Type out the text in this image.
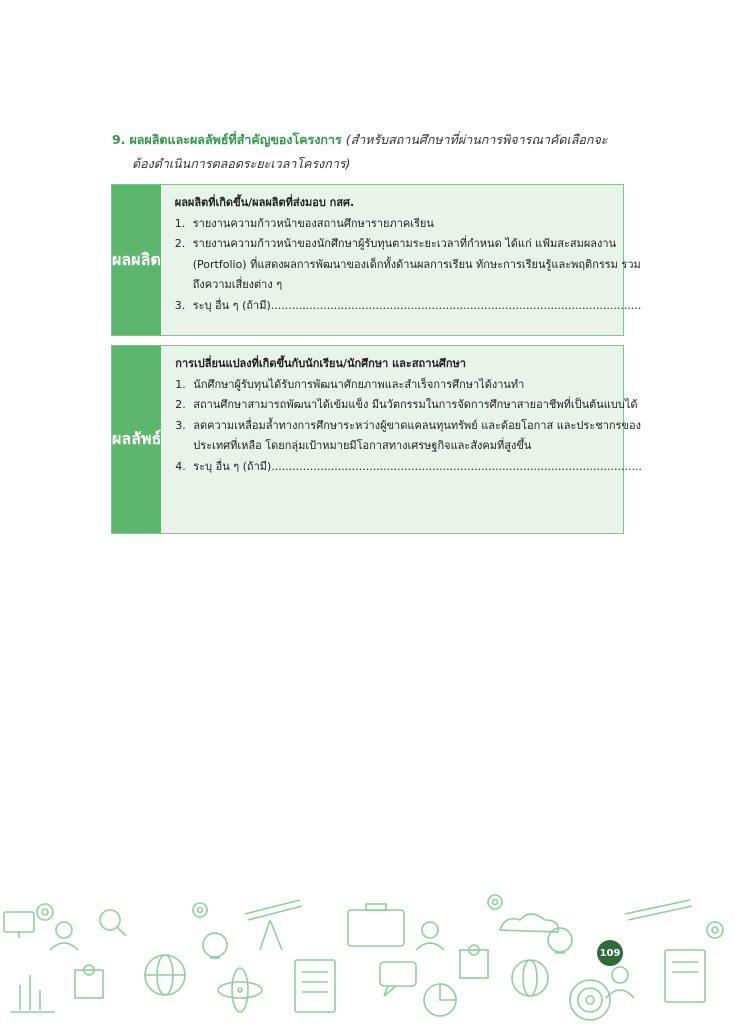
9. ผลผลิตและผลลัพธ์ที่สำคัญของโครงการ (สำหรับสถานศึกษาที่ผ่านการพิจารณาคัดเลือกจะ
ต้องดำเนินการตลอดระยะเวลาโครงการ)
ผลผลิต
ผลผลิตที่เกิดขึ้น/ผลผลิตที่ส่งมอบ กสศ.
1. รายงานความก้าวหน้าของสถานศึกษารายภาคเรียน
2. รายงานความก้าวหน้าของนักศึกษาผู้รับทุนตามระยะเวลาที่กำหนด ได้แก่ แฟ้มสะสมผลงาน (Portfolio) ที่แสดงผลการพัฒนาของเด็กทั้งด้านผลการเรียน ทักษะการเรียนรู้และพฤติกรรม รวมถึงความเสี่ยงต่าง ๆ
3. ระบุ อื่น ๆ (ถ้ามี)..........................................................................................................
ผลลัพธ์
การเปลี่ยนแปลงที่เกิดขึ้นกับนักเรียน/นักศึกษา และสถานศึกษา
1. นักศึกษาผู้รับทุนได้รับการพัฒนาศักยภาพและสำเร็จการศึกษาได้งานทำ
2. สถานศึกษาสามารถพัฒนาได้เข้มแข็ง มีนวัตกรรมในการจัดการศึกษาสายอาชีพที่เป็นต้นแบบได้
3. ลดความเหลื่อมล้ำทางการศึกษาระหว่างผู้ขาดแคลนทุนทรัพย์ และด้อยโอกาส และประชากรของประเทศที่เหลือ โดยกลุ่มเป้าหมายมีโอกาสทางเศรษฐกิจและสังคมที่สูงขึ้น
4. ระบุ อื่น ๆ (ถ้ามี)..........................................................................................................
109
